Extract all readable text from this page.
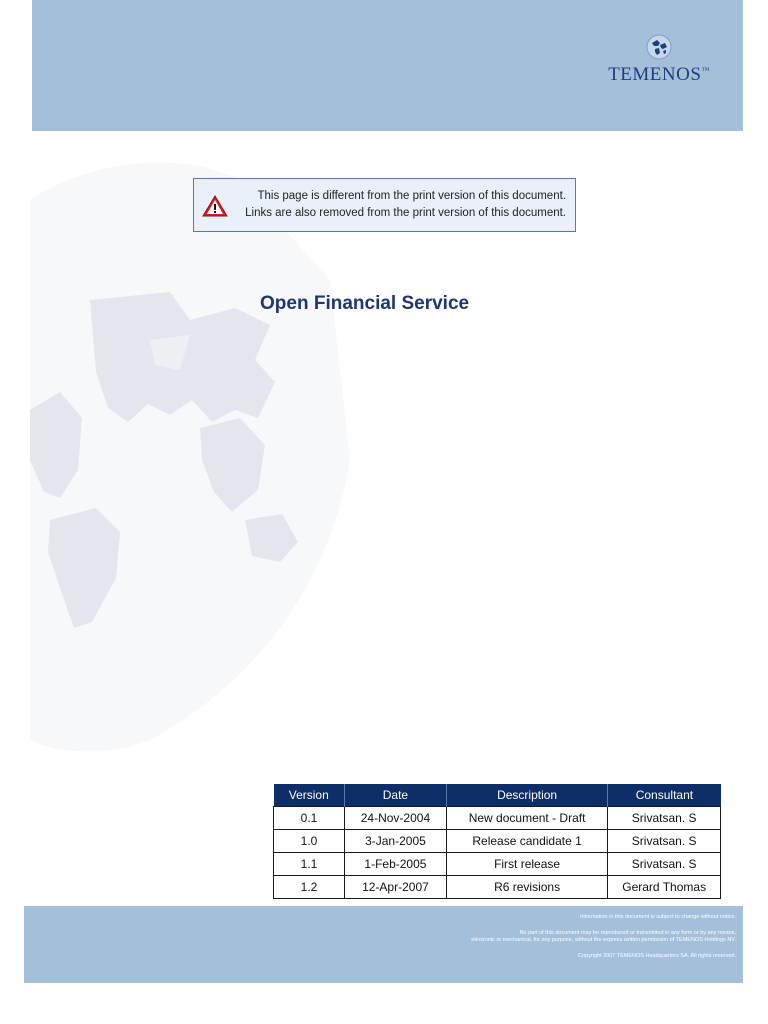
TEMENOS™
This page is different from the print version of this document.
Links are also removed from the print version of this document.
Open Financial Service
Version	Date	Description	Consultant
0.1	24-Nov-2004	New document - Draft	Srivatsan. S
1.0	3-Jan-2005	Release candidate 1	Srivatsan. S
1.1	1-Feb-2005	First release	Srivatsan. S
1.2	12-Apr-2007	R6 revisions	Gerard Thomas
Information in this document is subject to change without notice.
No part of this document may be reproduced or transmitted in any form or by any means,
electronic or mechanical, for any purpose, without the express written permission of TEMENOS Holdings NV.
Copyright 2007 TEMENOS Headquarters SA. All rights reserved.
